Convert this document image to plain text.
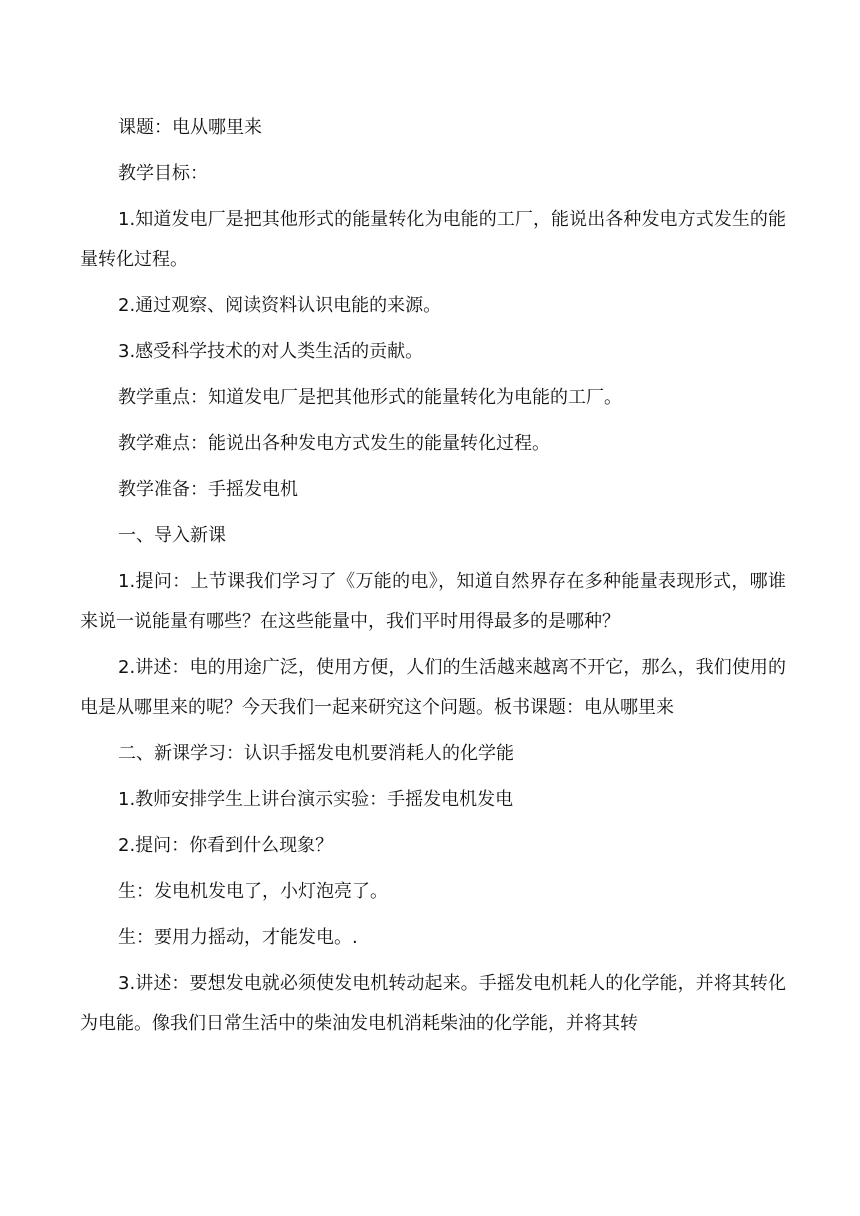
课题：电从哪里来

教学目标：

1.知道发电厂是把其他形式的能量转化为电能的工厂，能说出各种发电方式发生的能量转化过程。

2.通过观察、阅读资料认识电能的来源。

3.感受科学技术的对人类生活的贡献。

教学重点：知道发电厂是把其他形式的能量转化为电能的工厂。

教学难点：能说出各种发电方式发生的能量转化过程。

教学准备：手摇发电机

一、导入新课

1.提问：上节课我们学习了《万能的电》，知道自然界存在多种能量表现形式，哪谁来说一说能量有哪些？在这些能量中，我们平时用得最多的是哪种？

2.讲述：电的用途广泛，使用方便，人们的生活越来越离不开它，那么，我们使用的电是从哪里来的呢？今天我们一起来研究这个问题。板书课题：电从哪里来

二、新课学习：认识手摇发电机要消耗人的化学能

1.教师安排学生上讲台演示实验：手摇发电机发电

2.提问：你看到什么现象？

生：发电机发电了，小灯泡亮了。

生：要用力摇动，才能发电。.

3.讲述：要想发电就必须使发电机转动起来。手摇发电机耗人的化学能，并将其转化为电能。像我们日常生活中的柴油发电机消耗柴油的化学能，并将其转
